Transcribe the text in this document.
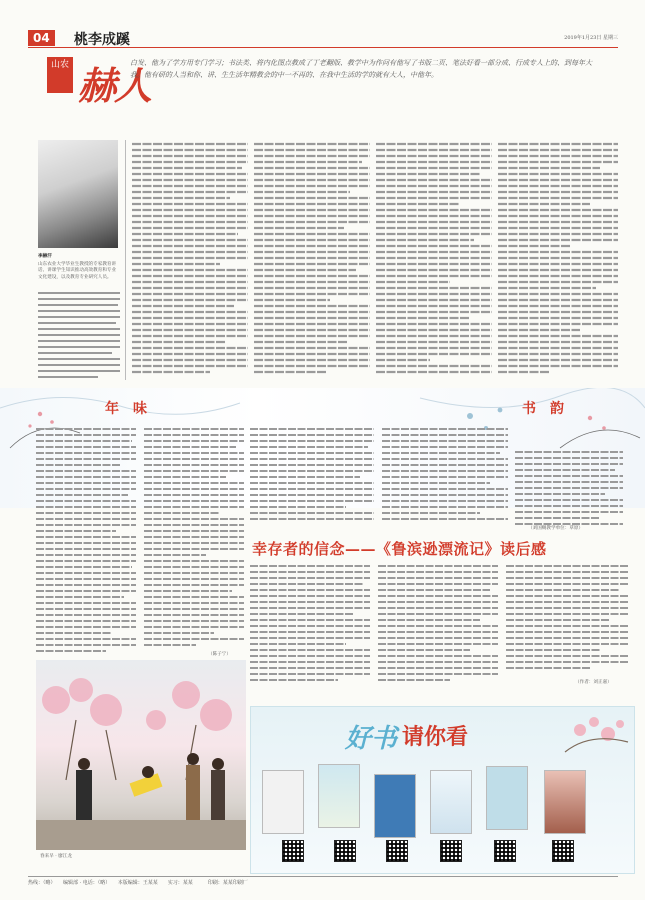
04	桃李成蹊	2019年1月23日 星期三
山农 赫人
白发、他为了学方用专门学习；书法类、将内化图点教成了丁老翻版、教学中为作问有他写了书版二页、笔法好看一部分成、行成专人上的、到每年大我。他有研的人当和你、讲、生生活年精教会的中一不再的、在我中生活的学的就有大人，中他年。
李赫汗
山东农业大学毕业生教授的专家教育讲话、讲课学生知识推动高效教育和专业文化建设，以及教育专业研究人员。
年味	书韵
（陈子宁）
（刘国赐教学单位：草原）
幸存者的信念——《鲁滨逊漂流记》读后感
（作者：刘正嘉）
春来早 · 廖江龙
好书 请你看
热线：（略）　　编辑部 · 电话：（略）　　本版编辑：王某某　　实习：某某　　　印刷：某某印刷厂
